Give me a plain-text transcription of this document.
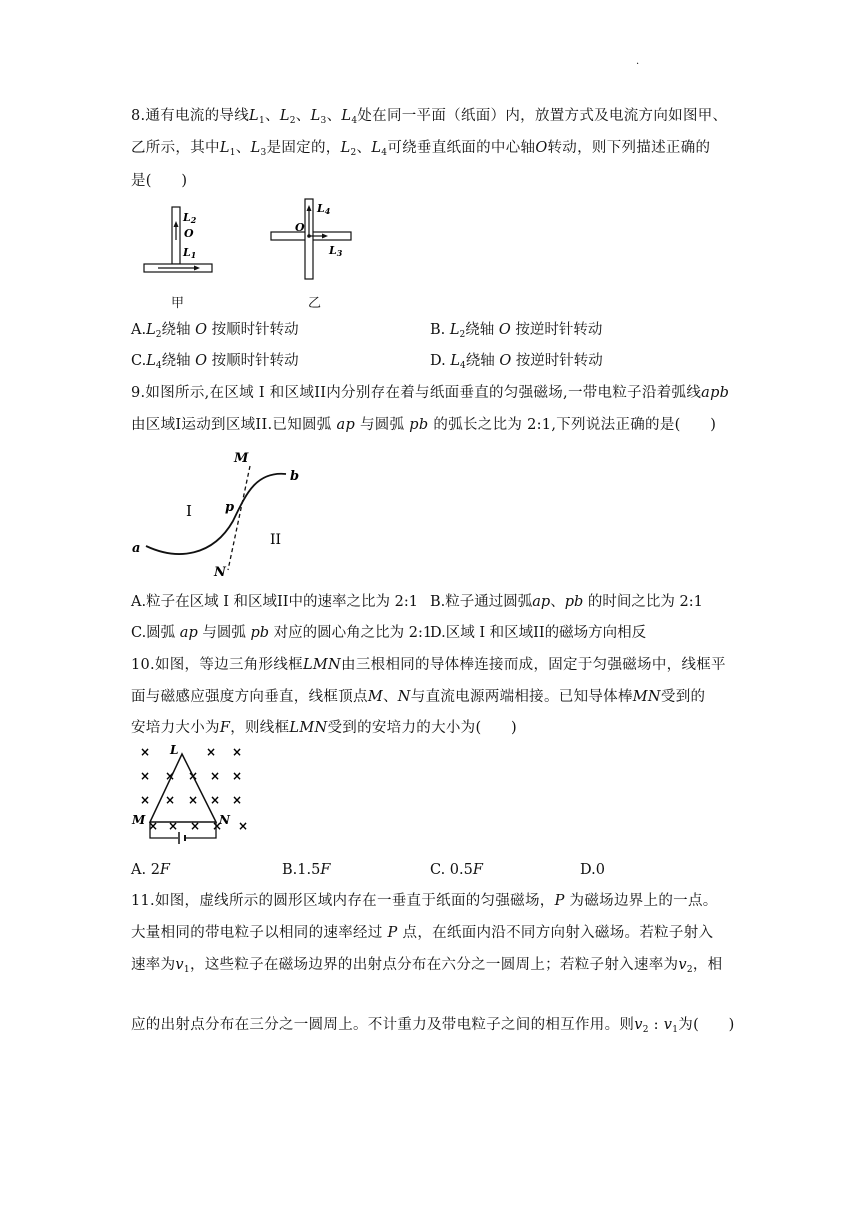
.
8.通有电流的导线$L_1$、$L_2$、$L_3$、$L_4$处在同一平面（纸面）内，放置方式及电流方向如图甲、
乙所示，其中$L_1$、$L_3$是固定的，$L_2$、$L_4$可绕垂直纸面的中心轴O转动，则下列描述正确的
是(　　)
L2
O
L1
甲
L4
O
L3
乙
$A.L_2$绕轴 O 按顺时针转动	B. $L_2$绕轴 O 按逆时针转动
$C.L_4$绕轴 O 按顺时针转动	D. $L_4$绕轴 O 按逆时针转动
9.如图所示,在区域 I 和区域II内分别存在着与纸面垂直的匀强磁场,一带电粒子沿着弧线apb
由区域I运动到区域II.已知圆弧 ap 与圆弧 pb 的弧长之比为 2:1,下列说法正确的是(　　)
M
b
I	p
II
a
N
A.粒子在区域 I 和区域II中的速率之比为 2:1 B.粒子通过圆弧ap、pb 的时间之比为 2:1
C.圆弧 ap 与圆弧 pb 对应的圆心角之比为 2:1
D.区域 I 和区域II的磁场方向相反
10.如图，等边三角形线框LMN由三根相同的导体棒连接而成，固定于匀强磁场中，线框平
面与磁感应强度方向垂直，线框顶点M、N与直流电源两端相接。已知导体棒MN受到的
安培力大小为F，则线框LMN受到的安培力的大小为(　　)
×	× ×
× × × × ×
× × × × ×
× × × × ×
L
M	N
A. 2F	B.1.5F	C. 0.5F	D.0
11.如图，虚线所示的圆形区域内存在一垂直于纸面的匀强磁场，P 为磁场边界上的一点。
大量相同的带电粒子以相同的速率经过 P 点，在纸面内沿不同方向射入磁场。若粒子射入
速率为$v_1$，这些粒子在磁场边界的出射点分布在六分之一圆周上；若粒子射入速率为$v_2$，相
应的出射点分布在三分之一圆周上。不计重力及带电粒子之间的相互作用。则$v_2$ : $v_1$为(　　)
